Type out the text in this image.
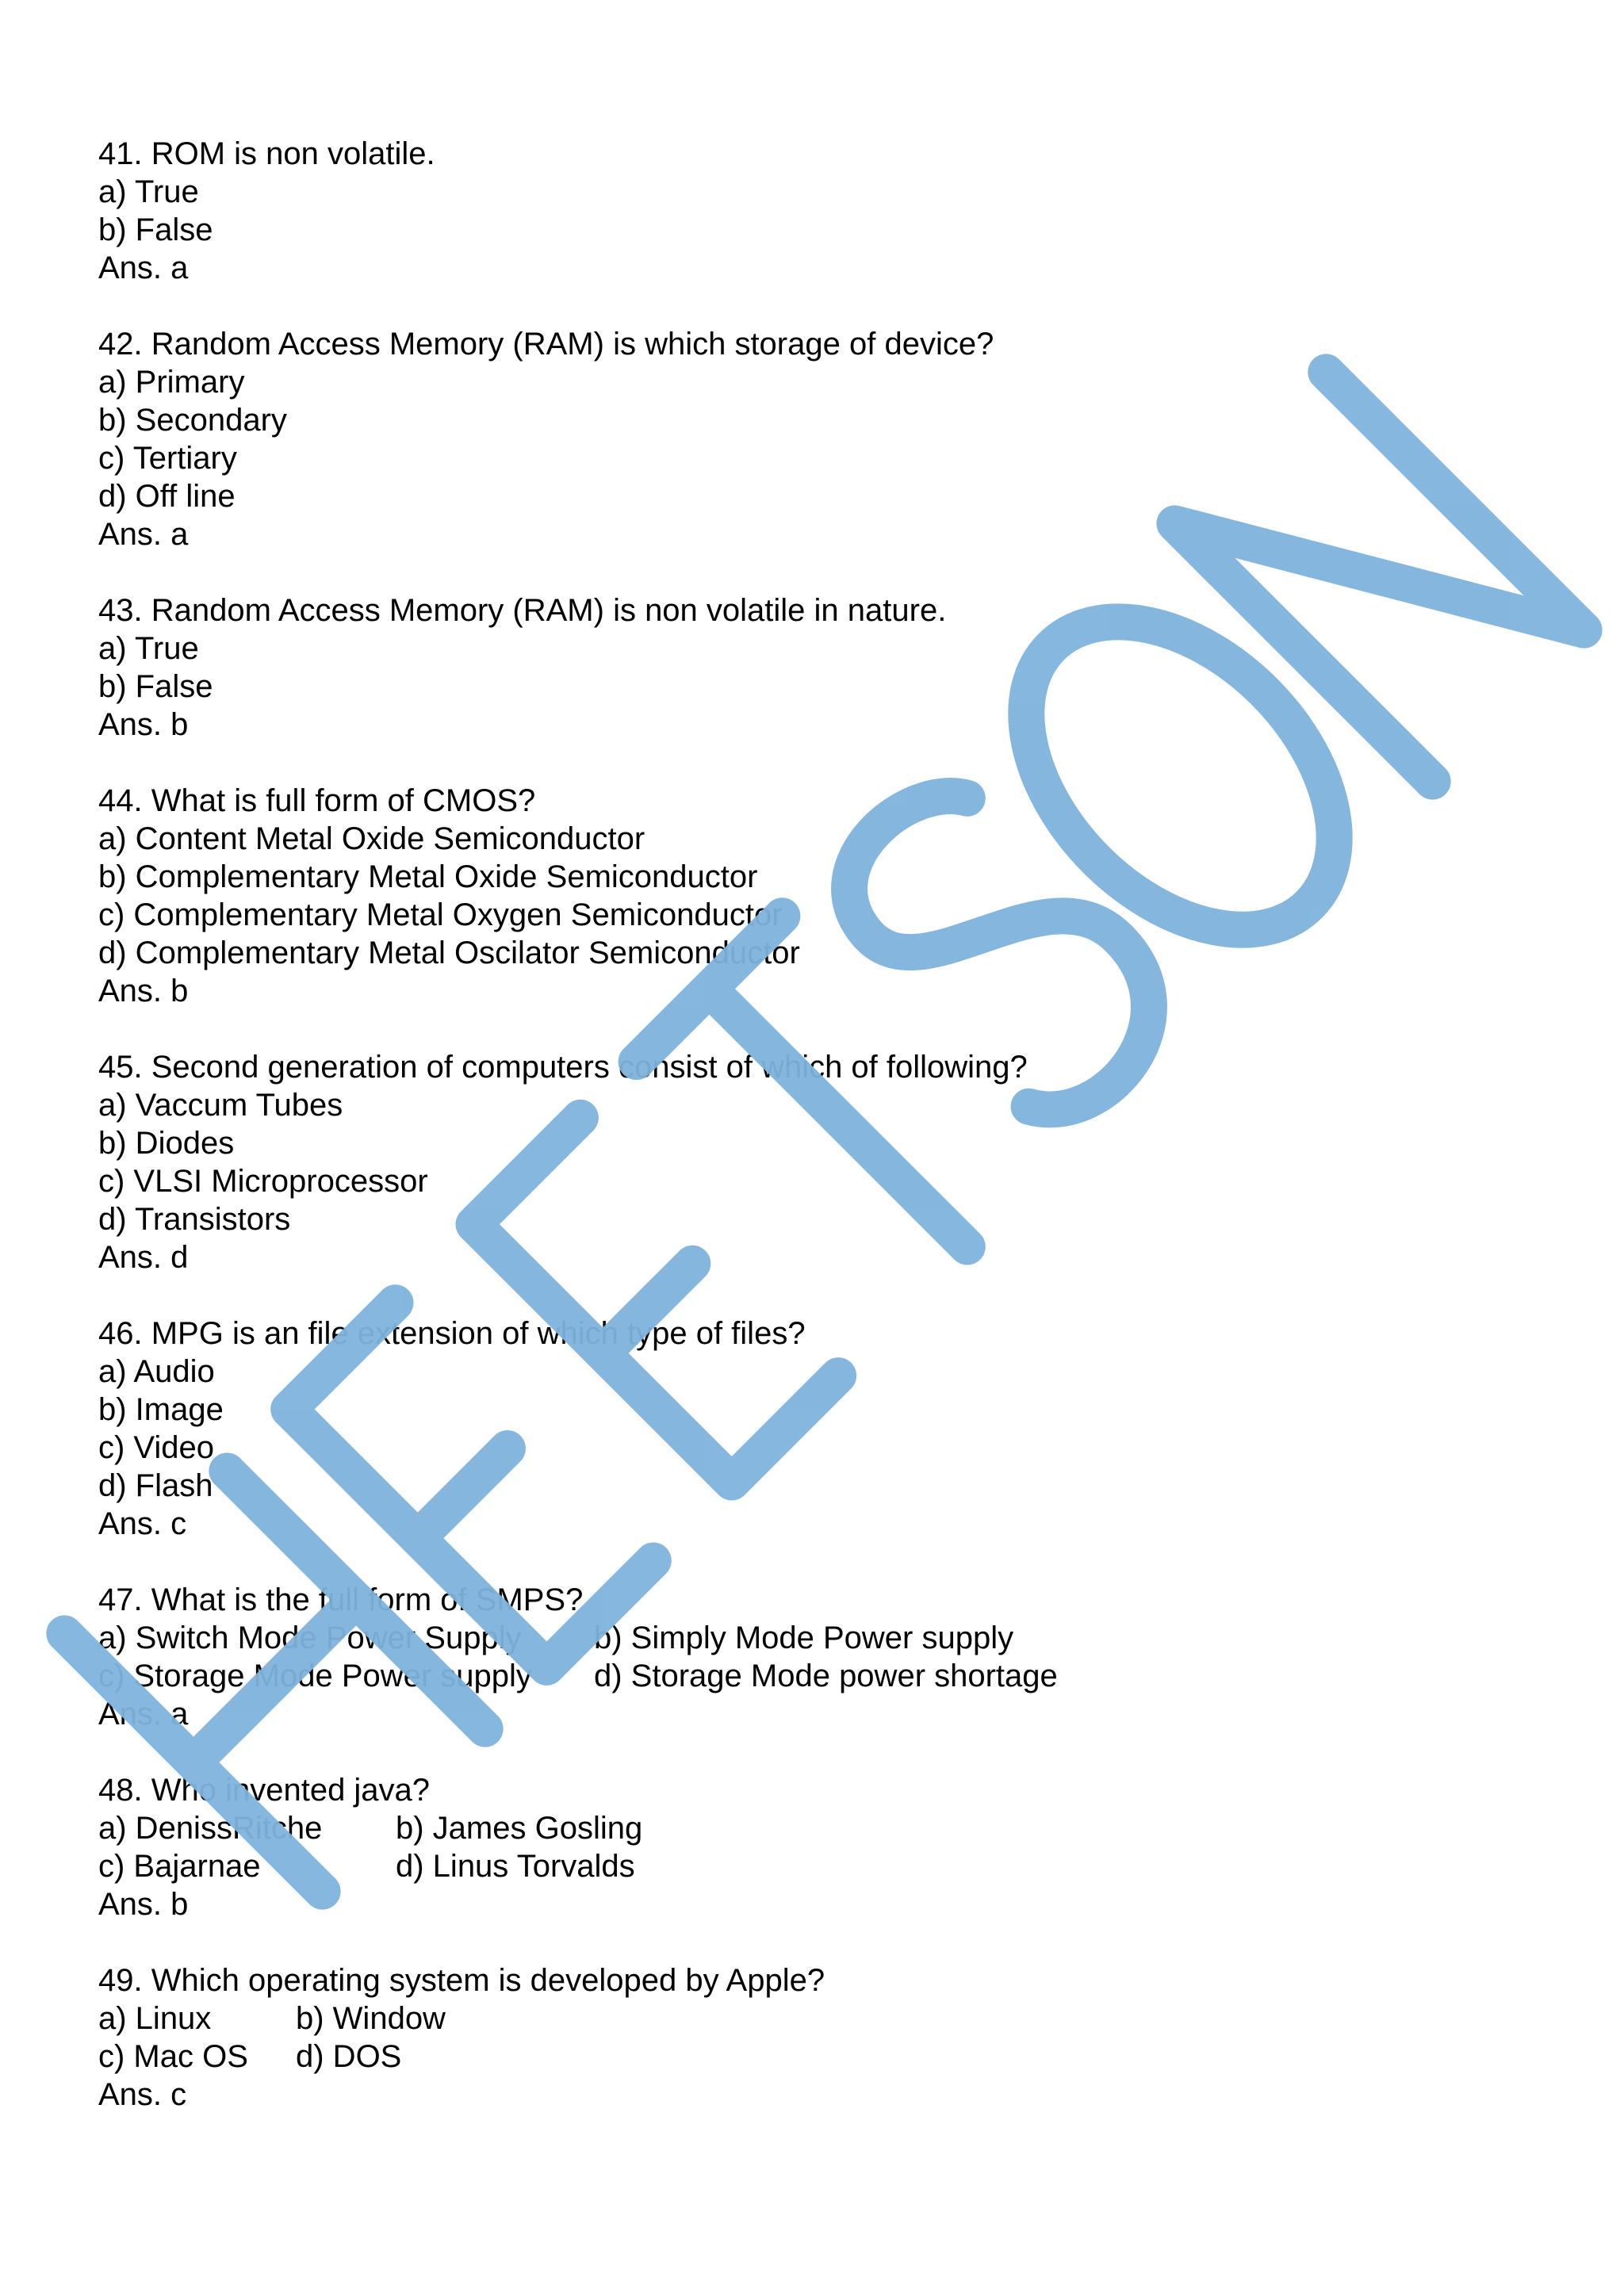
41. ROM is non volatile.
a) True
b) False
Ans. a
42. Random Access Memory (RAM) is which storage of device?
a) Primary
b) Secondary
c) Tertiary
d) Off line
Ans. a
43. Random Access Memory (RAM) is non volatile in nature.
a) True
b) False
Ans. b
44. What is full form of CMOS?
a) Content Metal Oxide Semiconductor
b) Complementary Metal Oxide Semiconductor
c) Complementary Metal Oxygen Semiconductor
d) Complementary Metal Oscilator Semiconductor
Ans. b
45. Second generation of computers consist of which of following?
a) Vaccum Tubes
b) Diodes
c) VLSI Microprocessor
d) Transistors
Ans. d
46. MPG is an file extension of which type of files?
a) Audio
b) Image
c) Video
d) Flash
Ans. c
47. What is the full form of SMPS?
a) Switch Mode Power Supply	b) Simply Mode Power supply
c) Storage Mode Power supply	d) Storage Mode power shortage
Ans. a
48. Who invented java?
a) DenissRitche	b) James Gosling
c) Bajarnae	d) Linus Torvalds
Ans. b
49. Which operating system is developed by Apple?
a) Linux	b) Window
c) Mac OS	d) DOS
Ans. c
